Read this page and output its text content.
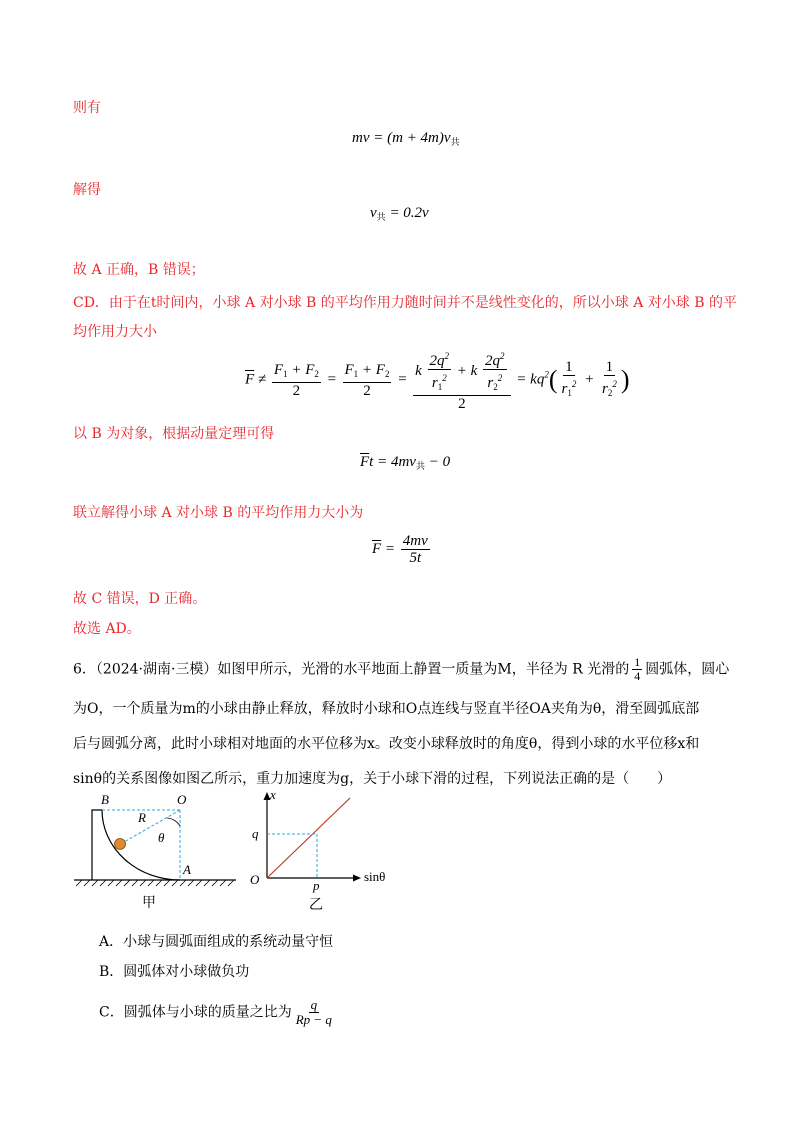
则有
mv = $(m + 4m)v_共$
解得
$v_共 = 0.2v$
故 A 正确，B 错误；
CD．由于在t时间内，小球 A 对小球 B 的平均作用力随时间并不是线性变化的，所以小球 A 对小球 B 的平
均作用力大小
$\overline{F} \ne \frac{F_1 + F_2}{2} = \frac{F_1 + F_2}{2} = \frac{k \frac{2q^2}{r_1^2} + k \frac{2q^2}{r_2^2}}{2} = kq^2( \frac{1}{r_1^2} + \frac{1}{r_2^2}$ )
以 B 为对象，根据动量定理可得
$\overline{F}t = 4mv_共 - 0$
联立解得小球 A 对小球 B 的平均作用力大小为
$\overline{F} = \frac{4mv}{5t}$
故 C 错误，D 正确。
故选 AD。
6．（2024·湖南·三模）如图甲所示，光滑的水平地面上静置一质量为M，半径为 R 光滑的 $\frac{1}{4}$ 圆弧体，圆心
为O，一个质量为m的小球由静止释放，释放时小球和O点连线与竖直半径OA夹角为θ，滑至圆弧底部
后与圆弧分离，此时小球相对地面的水平位移为x。改变小球释放时的角度θ，得到小球的水平位移x和
sinθ的关系图像如图乙所示，重力加速度为g，关于小球下滑的过程，下列说法正确的是（　　）
B	O
R
θ
A
甲
x
q
O	p
sinθ
乙
A．小球与圆弧面组成的系统动量守恒
B．圆弧体对小球做负功
C．圆弧体与小球的质量之比为 $\frac{q}{Rp - q}$
